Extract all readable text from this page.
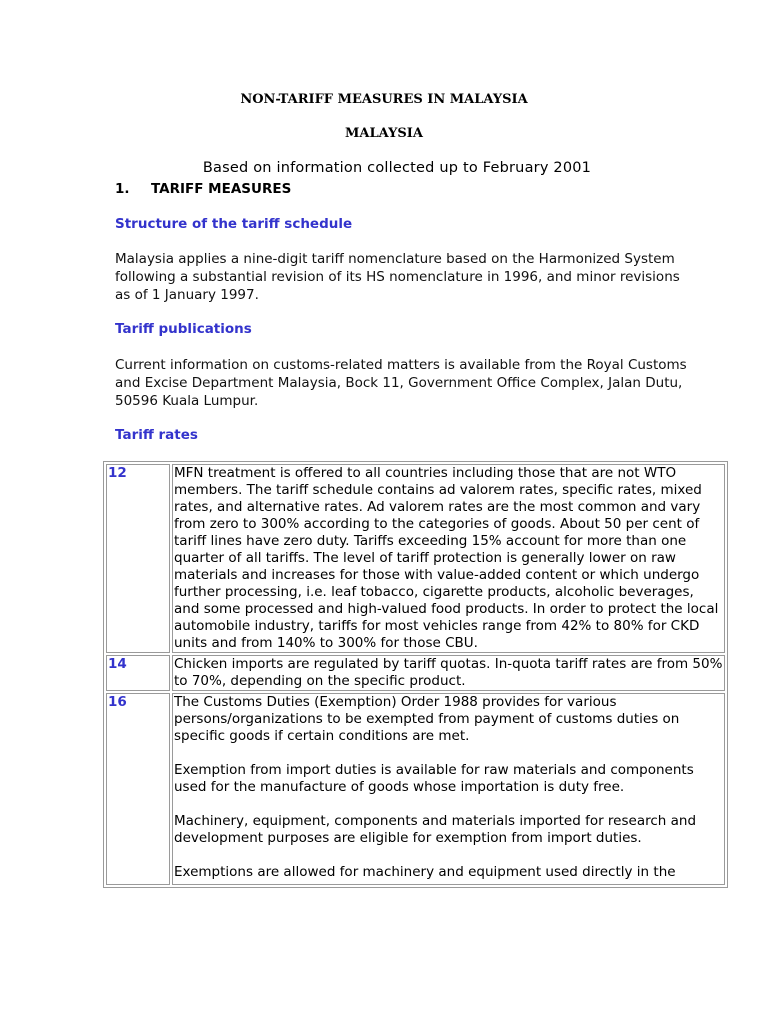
NON-TARIFF MEASURES IN MALAYSIA
MALAYSIA
Based on information collected up to February 2001
1. TARIFF MEASURES
Structure of the tariff schedule

Malaysia applies a nine-digit tariff nomenclature based on the Harmonized System following a substantial revision of its HS nomenclature in 1996, and minor revisions as of 1 January 1997.

Tariff publications

Current information on customs-related matters is available from the Royal Customs and Excise Department Malaysia, Bock 11, Government Office Complex, Jalan Dutu, 50596 Kuala Lumpur.

Tariff rates
12	MFN treatment is offered to all countries including those that are not WTO members. The tariff schedule contains ad valorem rates, specific rates, mixed rates, and alternative rates. Ad valorem rates are the most common and vary from zero to 300% according to the categories of goods. About 50 per cent of tariff lines have zero duty. Tariffs exceeding 15% account for more than one quarter of all tariffs. The level of tariff protection is generally lower on raw materials and increases for those with value-added content or which undergo further processing, i.e. leaf tobacco, cigarette products, alcoholic beverages, and some processed and high-valued food products. In order to protect the local automobile industry, tariffs for most vehicles range from 42% to 80% for CKD units and from 140% to 300% for those CBU.

14	Chicken imports are regulated by tariff quotas. In-quota tariff rates are from 50% to 70%, depending on the specific product.

16	The Customs Duties (Exemption) Order 1988 provides for various persons/organizations to be exempted from payment of customs duties on specific goods if certain conditions are met.

Exemption from import duties is available for raw materials and components used for the manufacture of goods whose importation is duty free.

Machinery, equipment, components and materials imported for research and development purposes are eligible for exemption from import duties.

Exemptions are allowed for machinery and equipment used directly in the
